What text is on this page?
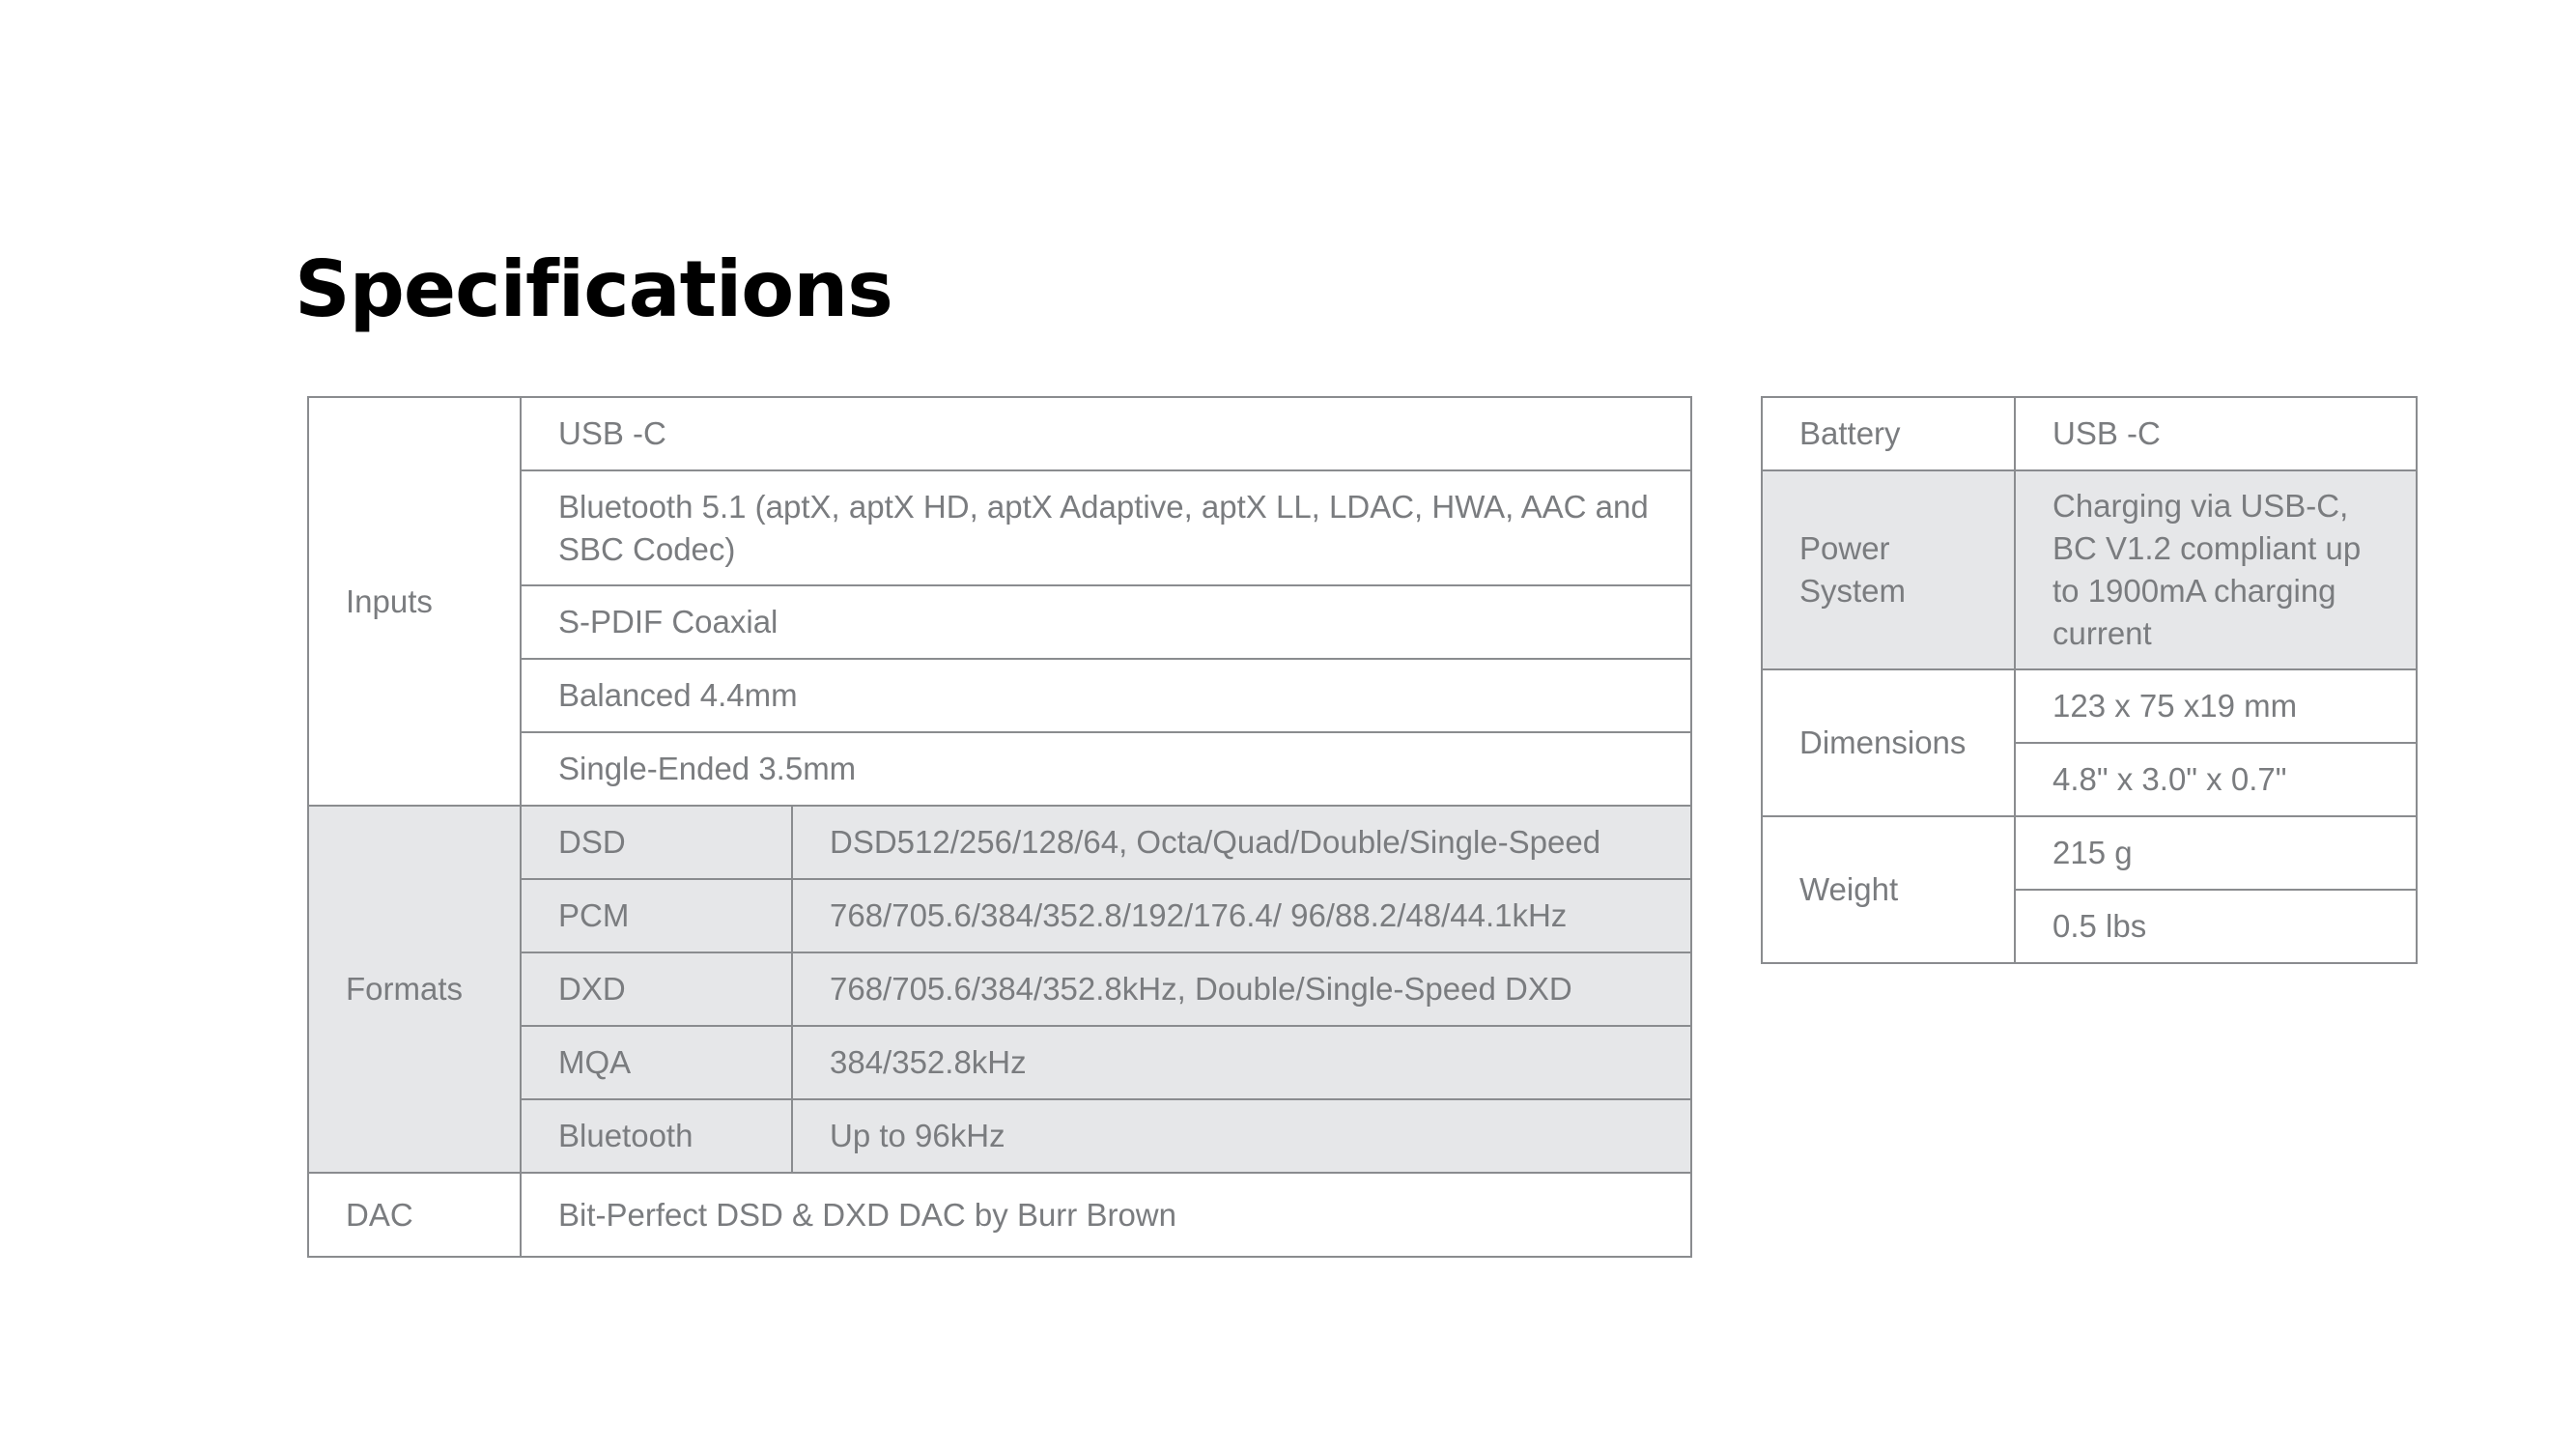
Specifications
Inputs	USB -C	
	Bluetooth 5.1 (aptX, aptX HD, aptX Adaptive, aptX LL, LDAC, HWA, AAC and SBC Codec)	
	S-PDIF Coaxial	
	Balanced 4.4mm	
	Single-Ended 3.5mm	
Formats	DSD	DSD512/256/128/64, Octa/Quad/Double/Single-Speed
	PCM	768/705.6/384/352.8/192/176.4/ 96/88.2/48/44.1kHz
	DXD	768/705.6/384/352.8kHz, Double/Single-Speed DXD
	MQA	384/352.8kHz
	Bluetooth	Up to 96kHz
DAC	Bit-Perfect DSD & DXD DAC by Burr Brown	
Battery	USB -C
Power System	Charging via USB-C, BC V1.2 compliant up to 1900mA charging current
Dimensions	123 x 75 x19 mm
	4.8" x 3.0" x 0.7"
Weight	215 g
	0.5 lbs
